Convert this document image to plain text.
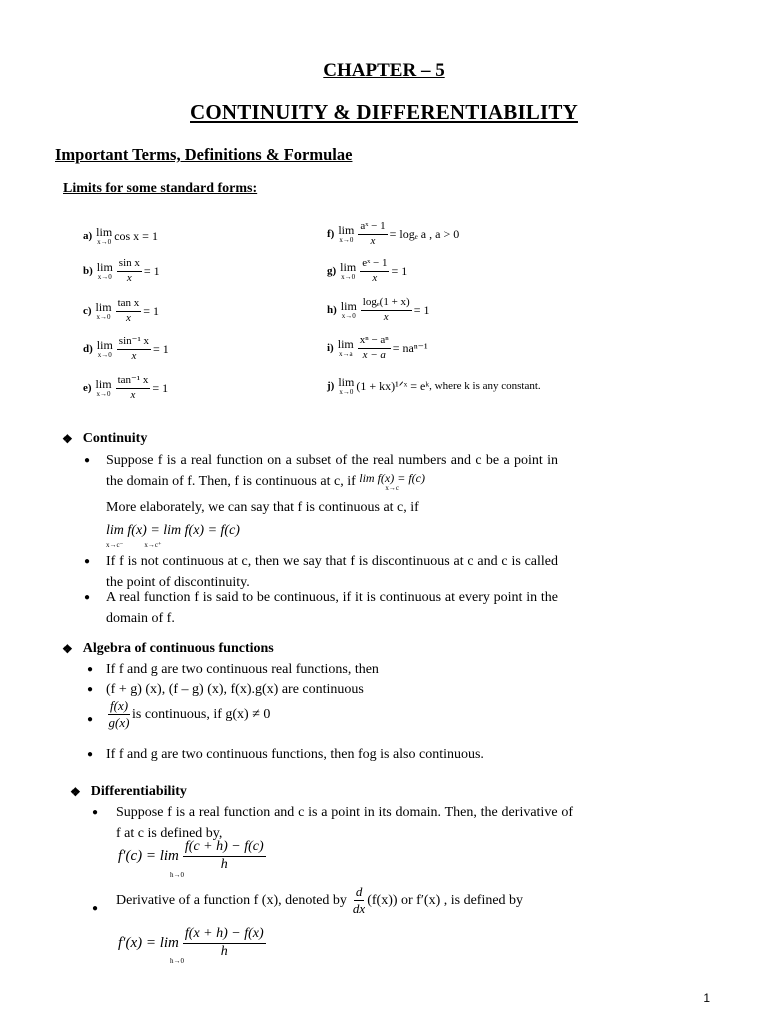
CHAPTER – 5
CONTINUITY & DIFFERENTIABILITY
Important Terms, Definitions & Formulae
Limits for some standard forms:
a) lim
x→0 cos x = 1
b) lim
$x\to 0 \frac{\text{sin x}}{x} = 1$
c) lim
$x\to 0 \frac{\text{tan x}}{x} = 1$
d) lim
$x\to 0 \frac{\text{sin⁻¹ x}}{x} = 1$
e) lim
$x\to 0 \frac{\text{tan⁻¹ x}}{x} = 1$
f) lim
$x\to 0 \frac{\text{aˣ − 1}}{x} = \log_e$ a , a > 0
g) lim
$x\to 0 \frac{\text{eˣ − 1}}{x} = 1$
h) lim
$x\to 0 \frac{\text{logₑ(1 + x)}}{x} = 1$
i) lim
$x\to a \frac{\text{xⁿ − aⁿ}}{x - a} = na^{n-1}$
j) lim
x→0 (1 + kx)¹ᐟˣ = eᵏ , where k is any constant.
❖ Continuity
● Suppose f is a real function on a subset of the real numbers and c be a point in the domain of f. Then, f is continuous at c, if lim f(x) = f(c)
x→c
More elaborately, we can say that f is continuous at c, if
lim f(x) = lim f(x) = f(c)
x→c⁻	x→c⁺
● If f is not continuous at c, then we say that f is discontinuous at c and c is called the point of discontinuity.
● A real function f is said to be continuous, if it is continuous at every point in the domain of f.
❖ Algebra of continuous functions
● If f and g are two continuous real functions, then
● (f + g) (x), (f – g) (x), f(x).g(x) are continuous
● $\frac{f(x)}{g(x)}$ is continuous, if g(x) ≠ 0
● If f and g are two continuous functions, then fog is also continuous.
❖ Differentiability
● Suppose f is a real function and c is a point in its domain. Then, the derivative of f at c is defined by,
$f'(c) = \lim \frac{f(c + h) - f(c)}{h}$
h→0
●
Derivative of a function f (x), denoted by $\frac{d}{dx} (f(x))$ or f′(x) , is defined by
$f'(x) = \lim \frac{f(x + h) - f(x)}{h}$
h→0
1
